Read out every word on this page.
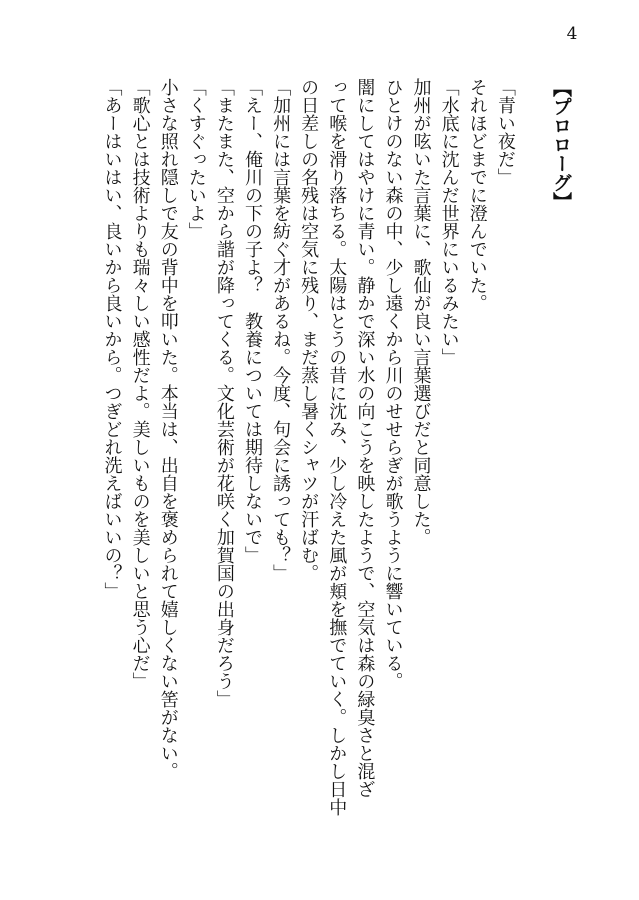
4
【プロローグ】

「青い夜だ」
それほどまでに澄んでいた。
「水底に沈んだ世界にいるみたい」
加州が呟いた言葉に、歌仙が良い言葉選びだと同意した。
ひとけのない森の中、少し遠くから川のせせらぎが歌うように響いている。
闇にしてはやけに青い。静かで深い水の向こうを映したようで、空気は森の緑臭さと混ざ
って喉を滑り落ちる。太陽はとうの昔に沈み、少し冷えた風が頬を撫でていく。しかし日中
の日差しの名残は空気に残り、まだ蒸し暑くシャツが汗ばむ。
「加州には言葉を紡ぐ才があるね。今度、句会に誘っても？」
「えー、俺川の下の子よ？　教養については期待しないで」
「またまた、空から諧が降ってくる。文化芸術が花咲く加賀国の出身だろう」
「くすぐったいよ」
小さな照れ隠しで友の背中を叩いた。本当は、出自を褒められて嬉しくない筈がない。
「歌心とは技術よりも瑞々しい感性だよ。美しいものを美しいと思う心だ」
「あーはいはい、良いから良いから。つぎどれ洗えばいいの？」
